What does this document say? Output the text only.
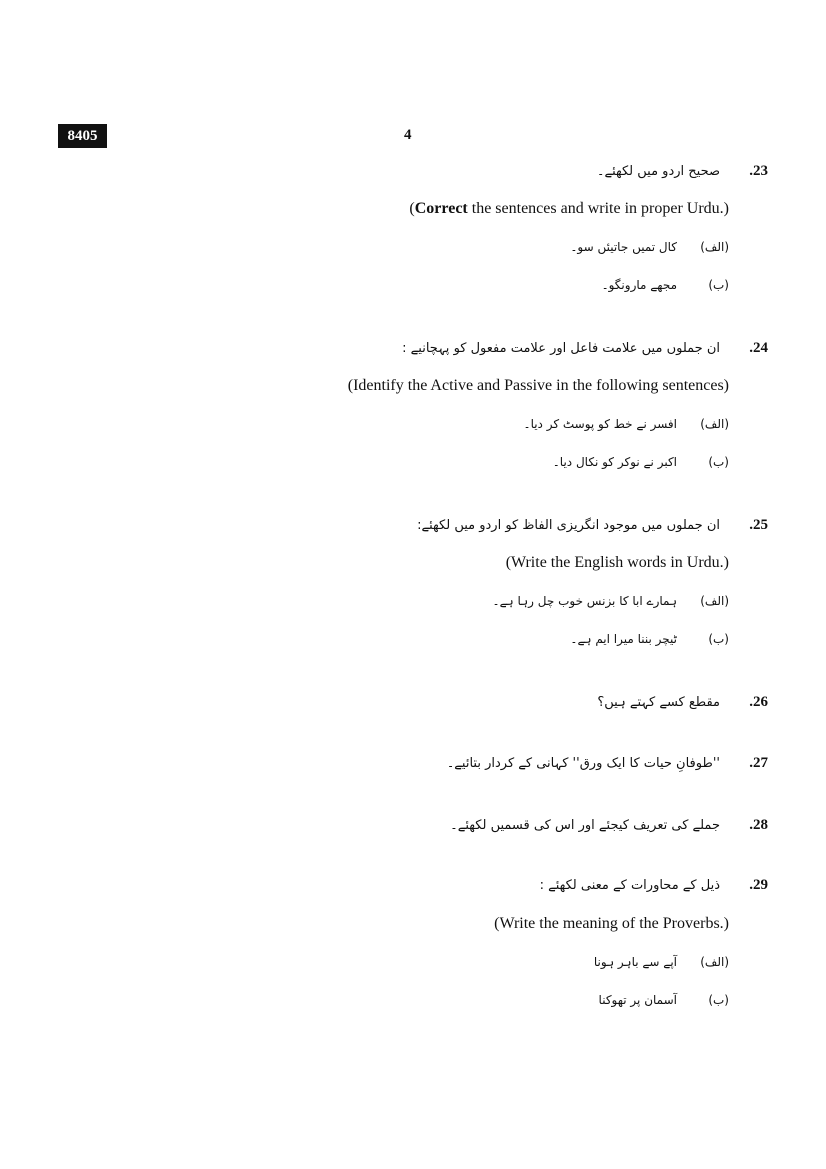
8405	4
صحیح اردو میں لکھئے۔	.23
(Correct the sentences and write in proper Urdu.)
(الف)
کال تمیں جاتیئں سو۔
(ب)
مجھے مارونگو۔
ان جملوں میں علامت فاعل اور علامت مفعول کو پہچانیے :	.24
(Identify the Active and Passive in the following sentences)
(الف)
افسر نے خط کو پوسٹ کر دیا۔
(ب)
اکبر نے نوکر کو نکال دیا۔
ان جملوں میں موجود انگریزی الفاظ کو اردو میں لکھئے:	.25
(Write the English words in Urdu.)
(الف)
ہمارے ابا کا بزنس خوب چل رہا ہے۔
(ب)
ٹیچر بننا میرا ایم ہے۔
مقطع کسے کہتے ہیں؟	.26
''طوفانِ حیات کا ایک ورق'' کہانی کے کردار بتائیے۔	.27
جملے کی تعریف کیجئے اور اس کی قسمیں لکھئے۔	.28
ذیل کے محاورات کے معنی لکھئے :	.29
(Write the meaning of the Proverbs.)
(الف)
آپے سے باہر ہونا
(ب)
آسمان پر تھوکنا
